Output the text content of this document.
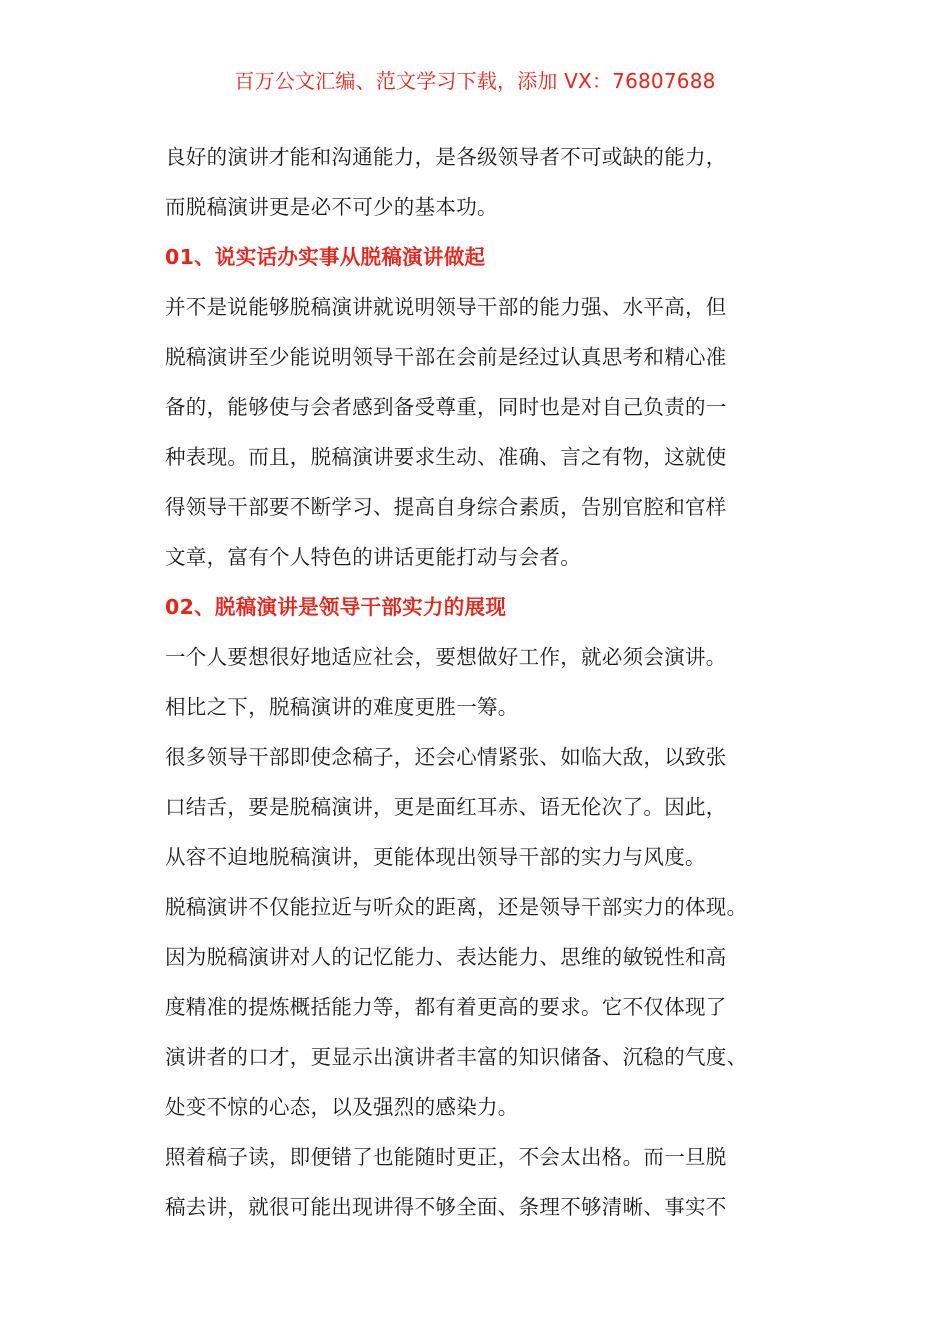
百万公文汇编、范文学习下载，添加 VX：76807688
良好的演讲才能和沟通能力，是各级领导者不可或缺的能力，
而脱稿演讲更是必不可少的基本功。
01、说实话办实事从脱稿演讲做起
并不是说能够脱稿演讲就说明领导干部的能力强、水平高，但
脱稿演讲至少能说明领导干部在会前是经过认真思考和精心准
备的，能够使与会者感到备受尊重，同时也是对自己负责的一
种表现。而且，脱稿演讲要求生动、准确、言之有物，这就使
得领导干部要不断学习、提高自身综合素质，告别官腔和官样
文章，富有个人特色的讲话更能打动与会者。
02、脱稿演讲是领导干部实力的展现
一个人要想很好地适应社会，要想做好工作，就必须会演讲。
相比之下，脱稿演讲的难度更胜一筹。
很多领导干部即使念稿子，还会心情紧张、如临大敌，以致张
口结舌，要是脱稿演讲，更是面红耳赤、语无伦次了。因此，
从容不迫地脱稿演讲，更能体现出领导干部的实力与风度。
脱稿演讲不仅能拉近与听众的距离，还是领导干部实力的体现。
因为脱稿演讲对人的记忆能力、表达能力、思维的敏锐性和高
度精准的提炼概括能力等，都有着更高的要求。它不仅体现了
演讲者的口才，更显示出演讲者丰富的知识储备、沉稳的气度、
处变不惊的心态，以及强烈的感染力。
照着稿子读，即便错了也能随时更正，不会太出格。而一旦脱
稿去讲，就很可能出现讲得不够全面、条理不够清晰、事实不
